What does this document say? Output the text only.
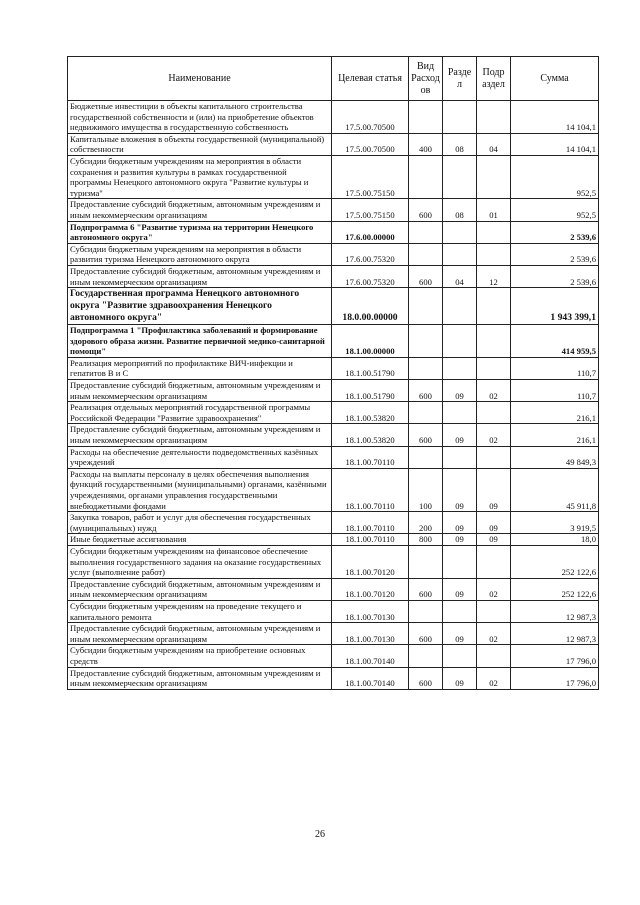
Наименование	Целевая статья	Вид Расход ов	Разде л	Подр аздел	Сумма
Бюджетные инвестиции в объекты капитального строительства государственной собственности и (или) на приобретение объектов недвижимого имущества в государственную собственность	17.5.00.70500				14 104,1
Капитальные вложения в объекты государственной (муниципальной) собственности	17.5.00.70500	400	08	04	14 104,1
Субсидии бюджетным учреждениям на мероприятия в области сохранения и развития культуры в рамках государственной программы Ненецкого автономного округа "Развитие культуры и туризма"	17.5.00.75150				952,5
Предоставление субсидий бюджетным, автономным учреждениям и иным некоммерческим организациям	17.5.00.75150	600	08	01	952,5
Подпрограмма 6 "Развитие туризма на территории Ненецкого автономного округа"	17.6.00.00000				2 539,6
Субсидии бюджетным учреждениям на мероприятия в области развития туризма Ненецкого автономного округа	17.6.00.75320				2 539,6
Предоставление субсидий бюджетным, автономным учреждениям и иным некоммерческим организациям	17.6.00.75320	600	04	12	2 539,6
Государственная программа Ненецкого автономного округа "Развитие здравоохранения Ненецкого автономного округа"	18.0.00.00000				1 943 399,1
Подпрограмма 1 "Профилактика заболеваний и формирование здорового образа жизни. Развитие первичной медико-санитарной помощи"	18.1.00.00000				414 959,5
Реализация мероприятий по профилактике ВИЧ-инфекции и гепатитов В и С	18.1.00.51790				110,7
Предоставление субсидий бюджетным, автономным учреждениям и иным некоммерческим организациям	18.1.00.51790	600	09	02	110,7
Реализация отдельных мероприятий государственной программы Российской Федерации "Развитие здравоохранения"	18.1.00.53820				216,1
Предоставление субсидий бюджетным, автономным учреждениям и иным некоммерческим организациям	18.1.00.53820	600	09	02	216,1
Расходы на обеспечение деятельности подведомственных казённых учреждений	18.1.00.70110				49 849,3
Расходы на выплаты персоналу в целях обеспечения выполнения функций государственными (муниципальными) органами, казёнными учреждениями, органами управления государственными внебюджетными фондами	18.1.00.70110	100	09	09	45 911,8
Закупка товаров, работ и услуг для обеспечения государственных (муниципальных) нужд	18.1.00.70110	200	09	09	3 919,5
Иные бюджетные ассигнования	18.1.00.70110	800	09	09	18,0
Субсидии бюджетным учреждениям на финансовое обеспечение выполнения государственного задания на оказание государственных услуг (выполнение работ)	18.1.00.70120				252 122,6
Предоставление субсидий бюджетным, автономным учреждениям и иным некоммерческим организациям	18.1.00.70120	600	09	02	252 122,6
Субсидии бюджетным учреждениям на проведение текущего и капитального ремонта	18.1.00.70130				12 987,3
Предоставление субсидий бюджетным, автономным учреждениям и иным некоммерческим организациям	18.1.00.70130	600	09	02	12 987,3
Субсидии бюджетным учреждениям на приобретение основных средств	18.1.00.70140				17 796,0
Предоставление субсидий бюджетным, автономным учреждениям и иным некоммерческим организациям	18.1.00.70140	600	09	02	17 796,0
26
